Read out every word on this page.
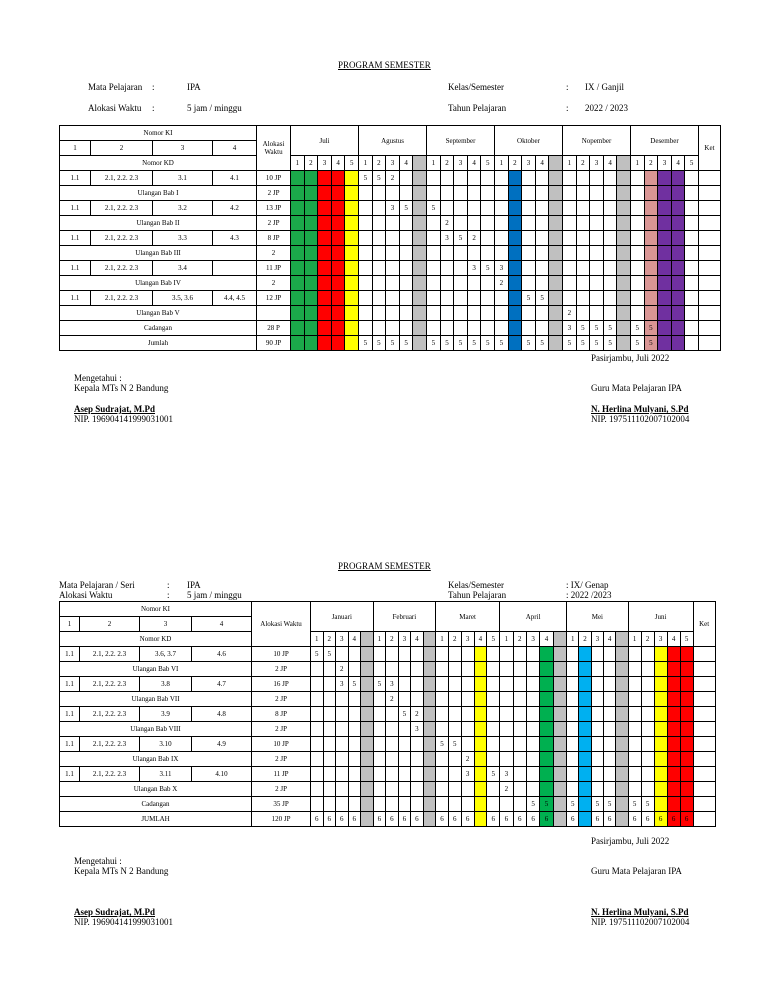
PROGRAM SEMESTER
Mata Pelajaran :	IPA
Alokasi Waktu :	5 jam / minggu
Kelas/Semester	: IX / Ganjil
Tahun Pelajaran	: 2022 / 2023
Nomor KI				Alokasi Waktu	Juli					Agustus					September					Oktober					Nopember					Desember					Ket
1	2	3	4																																
Nomor KD					1	2	3	4	5	1	2	3	4		1	2	3	4	5	1	2	3	4		1	2	3	4		1	2	3	4	5	
1.1	2.1, 2.2. 2.3	3.1	4.1	10 JP						5	5	2																							
Ulangan Bab I				2 JP																															
1.1	2.1, 2.2. 2.3	3.2	4.2	13 JP								3	5		5																				
Ulangan Bab II				2 JP												2																			
1.1	2.1, 2.2. 2.3	3.3	4.3	8 JP												3	5	2																	
Ulangan Bab III				2																															
1.1	2.1, 2.2. 2.3	3.4		11 JP														3	5	3															
Ulangan Bab IV				2																2															
1.1	2.1, 2.2. 2.3	3.5, 3.6	4.4, 4.5	12 JP																		5	5												
Ulangan Bab V																									2										
Cadangan				28 P																					3	5	5	5		5	5				
Jumlah				90 JP						5	5	5	5		5	5	5	5	5	5		5	5		5	5	5	5		5	5				
Pasirjambu, Juli 2022
Mengetahui :
Kepala MTs N 2 Bandung	Guru Mata Pelajaran IPA
Asep Sudrajat, M.Pd
NIP. 196904141999031001
N. Herlina Mulyani, S.Pd
NIP. 197511102007102004
PROGRAM SEMESTER
Mata Pelajaran / Seri	: IPA
Alokasi Waktu	: 5 jam / minggu
Kelas/Semester	: IX/ Genap
Tahun Pelajaran	: 2022 /2023
Nomor KI				Alokasi Waktu	Januari					Februari					Maret					April					Mei					Juni					Ket
1	2	3	4																																
Nomor KD					1	2	3	4		1	2	3	4		1	2	3	4	5	1	2	3	4		1	2	3	4		1	2	3	4	5	
1.1	2.1, 2.2. 2.3	3.6, 3.7	4.6	10 JP	5	5																													
Ulangan Bab VI				2 JP			2																												
1.1	2.1, 2.2. 2.3	3.8	4.7	16 JP			3	5		5	3																								
Ulangan Bab VII				2 JP							2																								
1.1	2.1, 2.2. 2.3	3.9	4.8	8 JP								5	2																						
Ulangan Bab VIII				2 JP									3																						
1.1	2.1, 2.2. 2.3	3.10	4.9	10 JP											5	5																			
Ulangan Bab IX				2 JP													2																		
1.1	2.1, 2.2. 2.3	3.11	4.10	11 JP													3		5	3															
Ulangan Bab X				2 JP																2															
Cadangan				35 JP																		5	5		5		5	5		5	5				
JUMLAH				120 JP	6	6	6	6		6	6	6	6		6	6	6		6	6	6	6	6		6		6	6		6	6	6	6	6	
Pasirjambu, Juli 2022
Mengetahui :
Kepala MTs N 2 Bandung	Guru Mata Pelajaran IPA
Asep Sudrajat, M.Pd
NIP. 196904141999031001
N. Herlina Mulyani, S.Pd
NIP. 197511102007102004
